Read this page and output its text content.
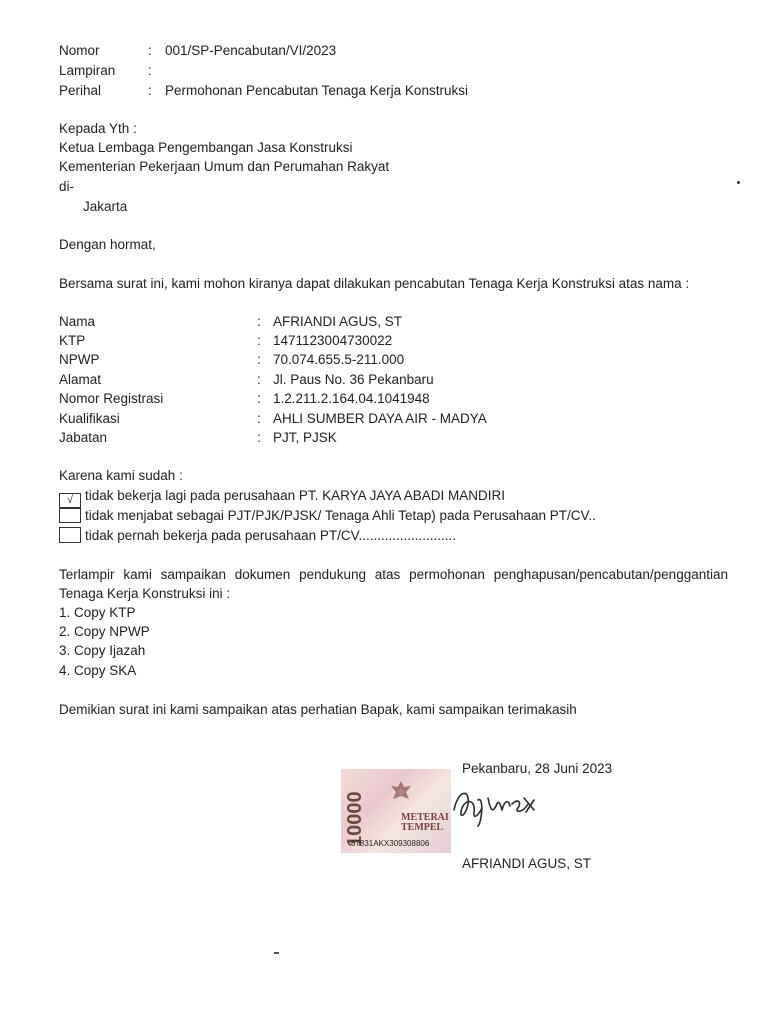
Nomor	: 001/SP-Pencabutan/VI/2023
Lampiran :
Perihal	: Permohonan Pencabutan Tenaga Kerja Konstruksi
Kepada Yth :
Ketua Lembaga Pengembangan Jasa Konstruksi
Kementerian Pekerjaan Umum dan Perumahan Rakyat
di-
Jakarta
Dengan hormat,
Bersama surat ini, kami mohon kiranya dapat dilakukan pencabutan Tenaga Kerja Konstruksi atas nama :
Nama	: AFRIANDI AGUS, ST
KTP	: 1471123004730022
NPWP	: 70.074.655.5-211.000
Alamat	: Jl. Paus No. 36 Pekanbaru
Nomor Registrasi	: 1.2.211.2.164.04.1041948
Kualifikasi	: AHLI SUMBER DAYA AIR - MADYA
Jabatan	: PJT, PJSK
Karena kami sudah :
√ tidak bekerja lagi pada perusahaan PT. KARYA JAYA ABADI MANDIRI
tidak menjabat sebagai PJT/PJK/PJSK/ Tenaga Ahli Tetap) pada Perusahaan PT/CV..
tidak pernah bekerja pada perusahaan PT/CV..........................
Terlampir kami sampaikan dokumen pendukung atas permohonan penghapusan/pencabutan/penggantian Tenaga Kerja Konstruksi ini :
1. Copy KTP
2. Copy NPWP
3. Copy Ijazah
4. Copy SKA
Demikian surat ini kami sampaikan atas perhatian Bapak, kami sampaikan terimakasih
Pekanbaru, 28 Juni 2023
10000	METERAI
TEMPEL
87831AKX309308806
AFRIANDI AGUS, ST
